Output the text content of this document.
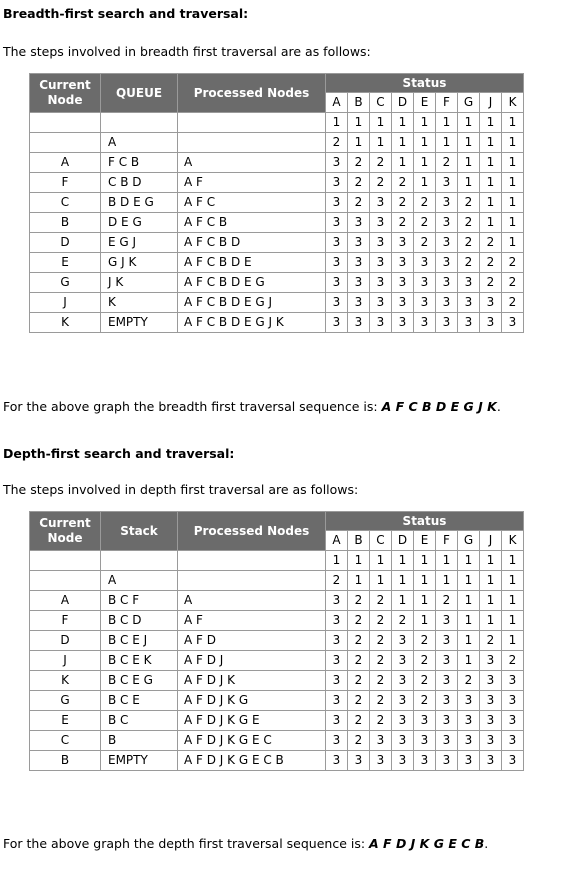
Breadth-first search and traversal:
The steps involved in breadth first traversal are as follows:
Current Node	QUEUE	Processed Nodes	Status								
			A	B	C	D	E	F	G	J	K
			1	1	1	1	1	1	1	1	1
	A		2	1	1	1	1	1	1	1	1
A	F C B	A	3	2	2	1	1	2	1	1	1
F	C B D	A F	3	2	2	2	1	3	1	1	1
C	B D E G	A F C	3	2	3	2	2	3	2	1	1
B	D E G	A F C B	3	3	3	2	2	3	2	1	1
D	E G J	A F C B D	3	3	3	3	2	3	2	2	1
E	G J K	A F C B D E	3	3	3	3	3	3	2	2	2
G	J K	A F C B D E G	3	3	3	3	3	3	3	2	2
J	K	A F C B D E G J	3	3	3	3	3	3	3	3	2
K	EMPTY	A F C B D E G J K	3	3	3	3	3	3	3	3	3
For the above graph the breadth first traversal sequence is: A F C B D E G J K.
Depth-first search and traversal:
The steps involved in depth first traversal are as follows:
Current Node	Stack	Processed Nodes	Status								
			A	B	C	D	E	F	G	J	K
			1	1	1	1	1	1	1	1	1
	A		2	1	1	1	1	1	1	1	1
A	B C F	A	3	2	2	1	1	2	1	1	1
F	B C D	A F	3	2	2	2	1	3	1	1	1
D	B C E J	A F D	3	2	2	3	2	3	1	2	1
J	B C E K	A F D J	3	2	2	3	2	3	1	3	2
K	B C E G	A F D J K	3	2	2	3	2	3	2	3	3
G	B C E	A F D J K G	3	2	2	3	2	3	3	3	3
E	B C	A F D J K G E	3	2	2	3	3	3	3	3	3
C	B	A F D J K G E C	3	2	3	3	3	3	3	3	3
B	EMPTY	A F D J K G E C B	3	3	3	3	3	3	3	3	3
For the above graph the depth first traversal sequence is: A F D J K G E C B.
